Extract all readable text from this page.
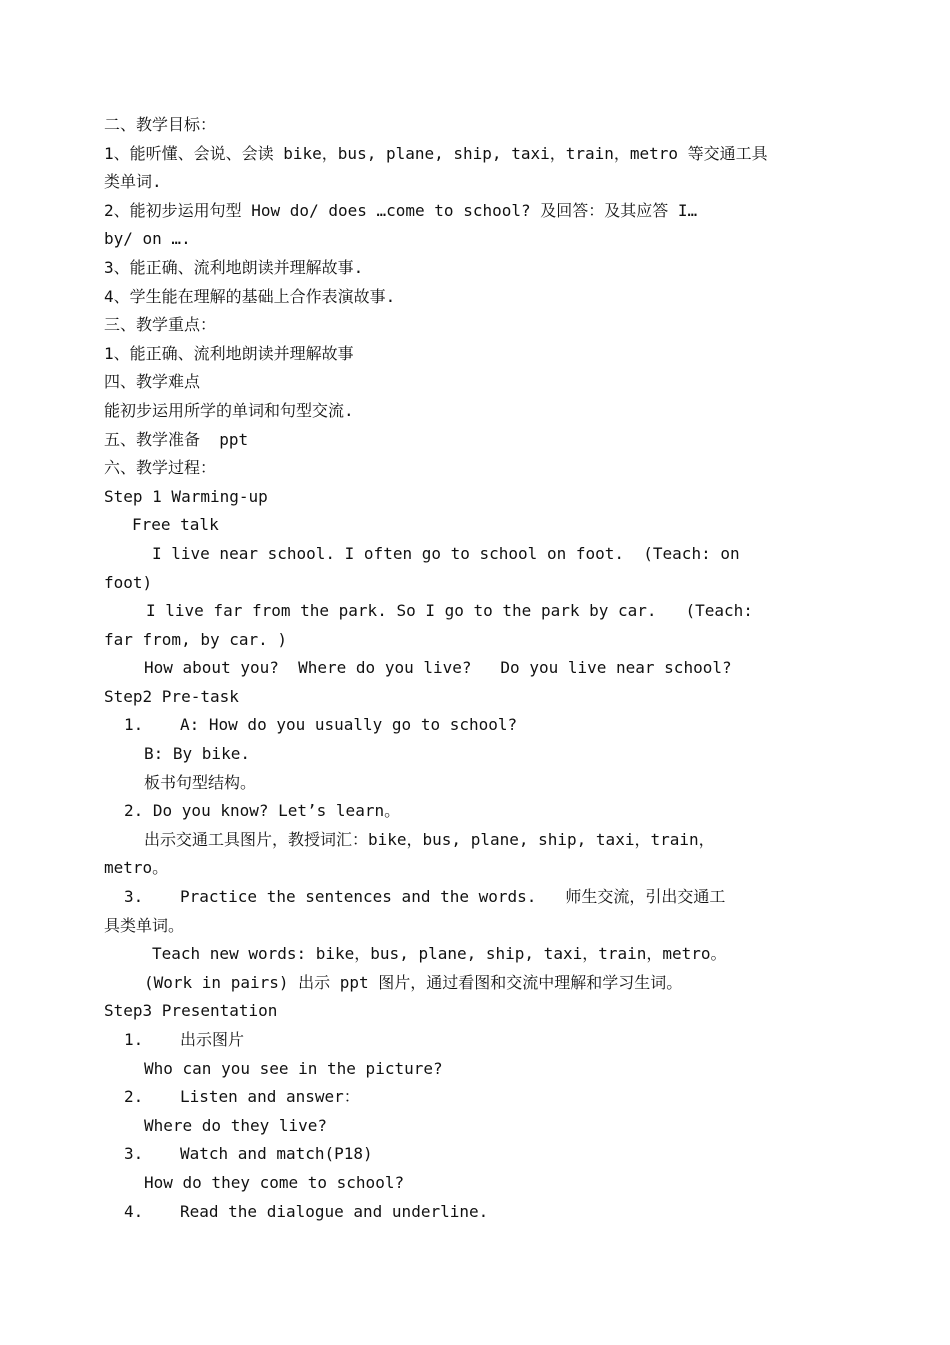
二、教学目标：
1、能听懂、会说、会读 bike，bus, plane, ship, taxi，train，metro 等交通工具
类单词.
2、能初步运用句型 How do/ does …come to school? 及回答：及其应答 I…
by/ on ….
3、能正确、流利地朗读并理解故事.
4、学生能在理解的基础上合作表演故事.
三、教学重点：
1、能正确、流利地朗读并理解故事
四、教学难点
能初步运用所学的单词和句型交流.
五、教学准备  ppt
六、教学过程：
Step 1 Warming-up
Free talk
I live near school. I often go to school on foot.  (Teach: on
foot)
I live far from the park. So I go to the park by car.   (Teach:
far from, by car. )
How about you?  Where do you live?   Do you live near school?
Step2 Pre-task
1. A: How do you usually go to school?
B: By bike.
板书句型结构。
2. Do you know? Let’s learn。
出示交通工具图片，教授词汇：bike，bus, plane, ship, taxi，train，
metro。
3. Practice the sentences and the words.   师生交流，引出交通工
具类单词。
Teach new words: bike，bus, plane, ship, taxi，train，metro。
(Work in pairs) 出示 ppt 图片，通过看图和交流中理解和学习生词。
Step3 Presentation
1. 出示图片
Who can you see in the picture?
2. Listen and answer：
Where do they live?
3. Watch and match(P18)
How do they come to school?
4. Read the dialogue and underline.
